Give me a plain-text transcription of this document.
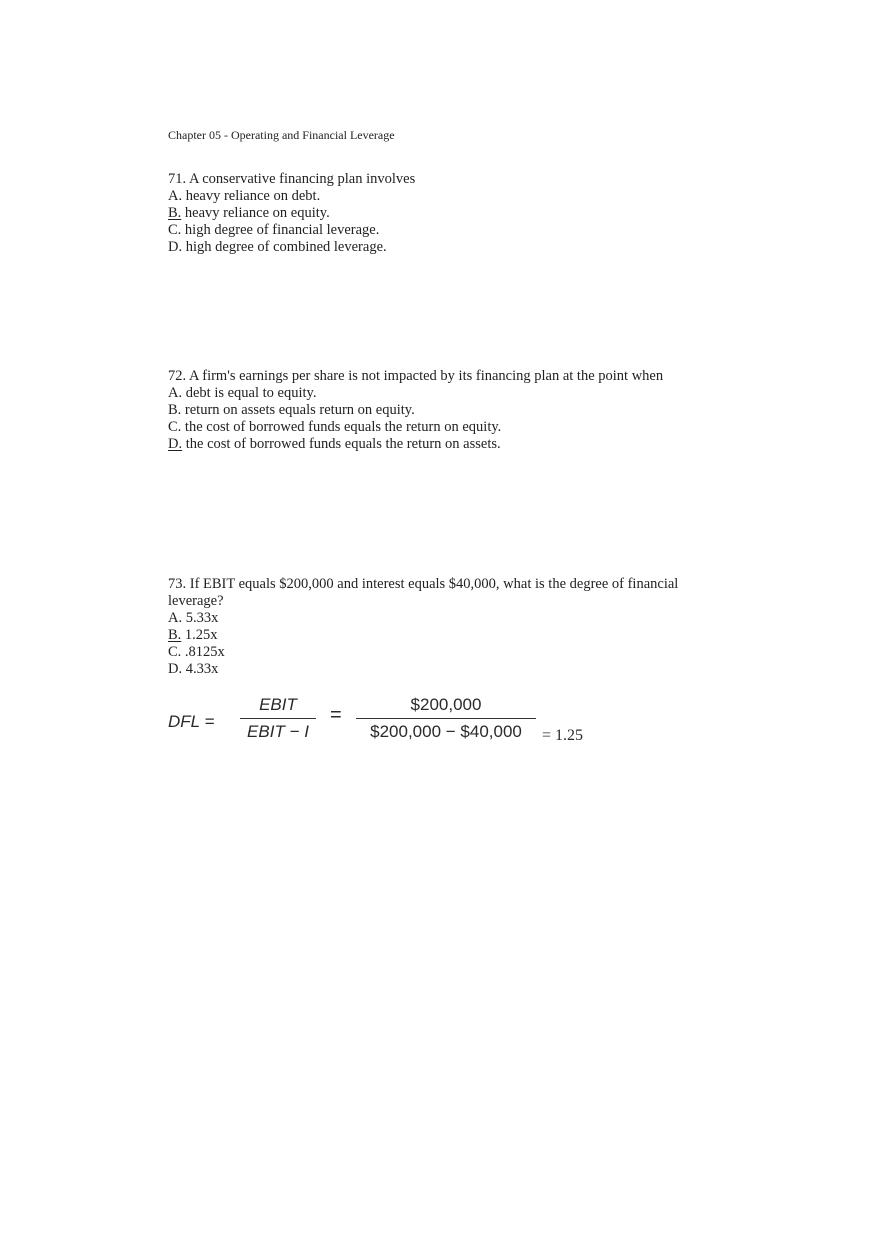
Chapter 05 - Operating and Financial Leverage

71. A conservative financing plan involves

A. heavy reliance on debt.

B. heavy reliance on equity.

C. high degree of financial leverage.

D. high degree of combined leverage.

72. A firm's earnings per share is not impacted by its financing plan at the point when

A. debt is equal to equity.

B. return on assets equals return on equity.

C. the cost of borrowed funds equals the return on equity.

D. the cost of borrowed funds equals the return on assets.

73. If EBIT equals $200,000 and interest equals $40,000, what is the degree of financial leverage?

A. 5.33x

B. 1.25x

C. .8125x

D. 4.33x

DFL =
EBIT
EBIT − I
=	$200,000
$200,000 − $40,000	= 1.25
